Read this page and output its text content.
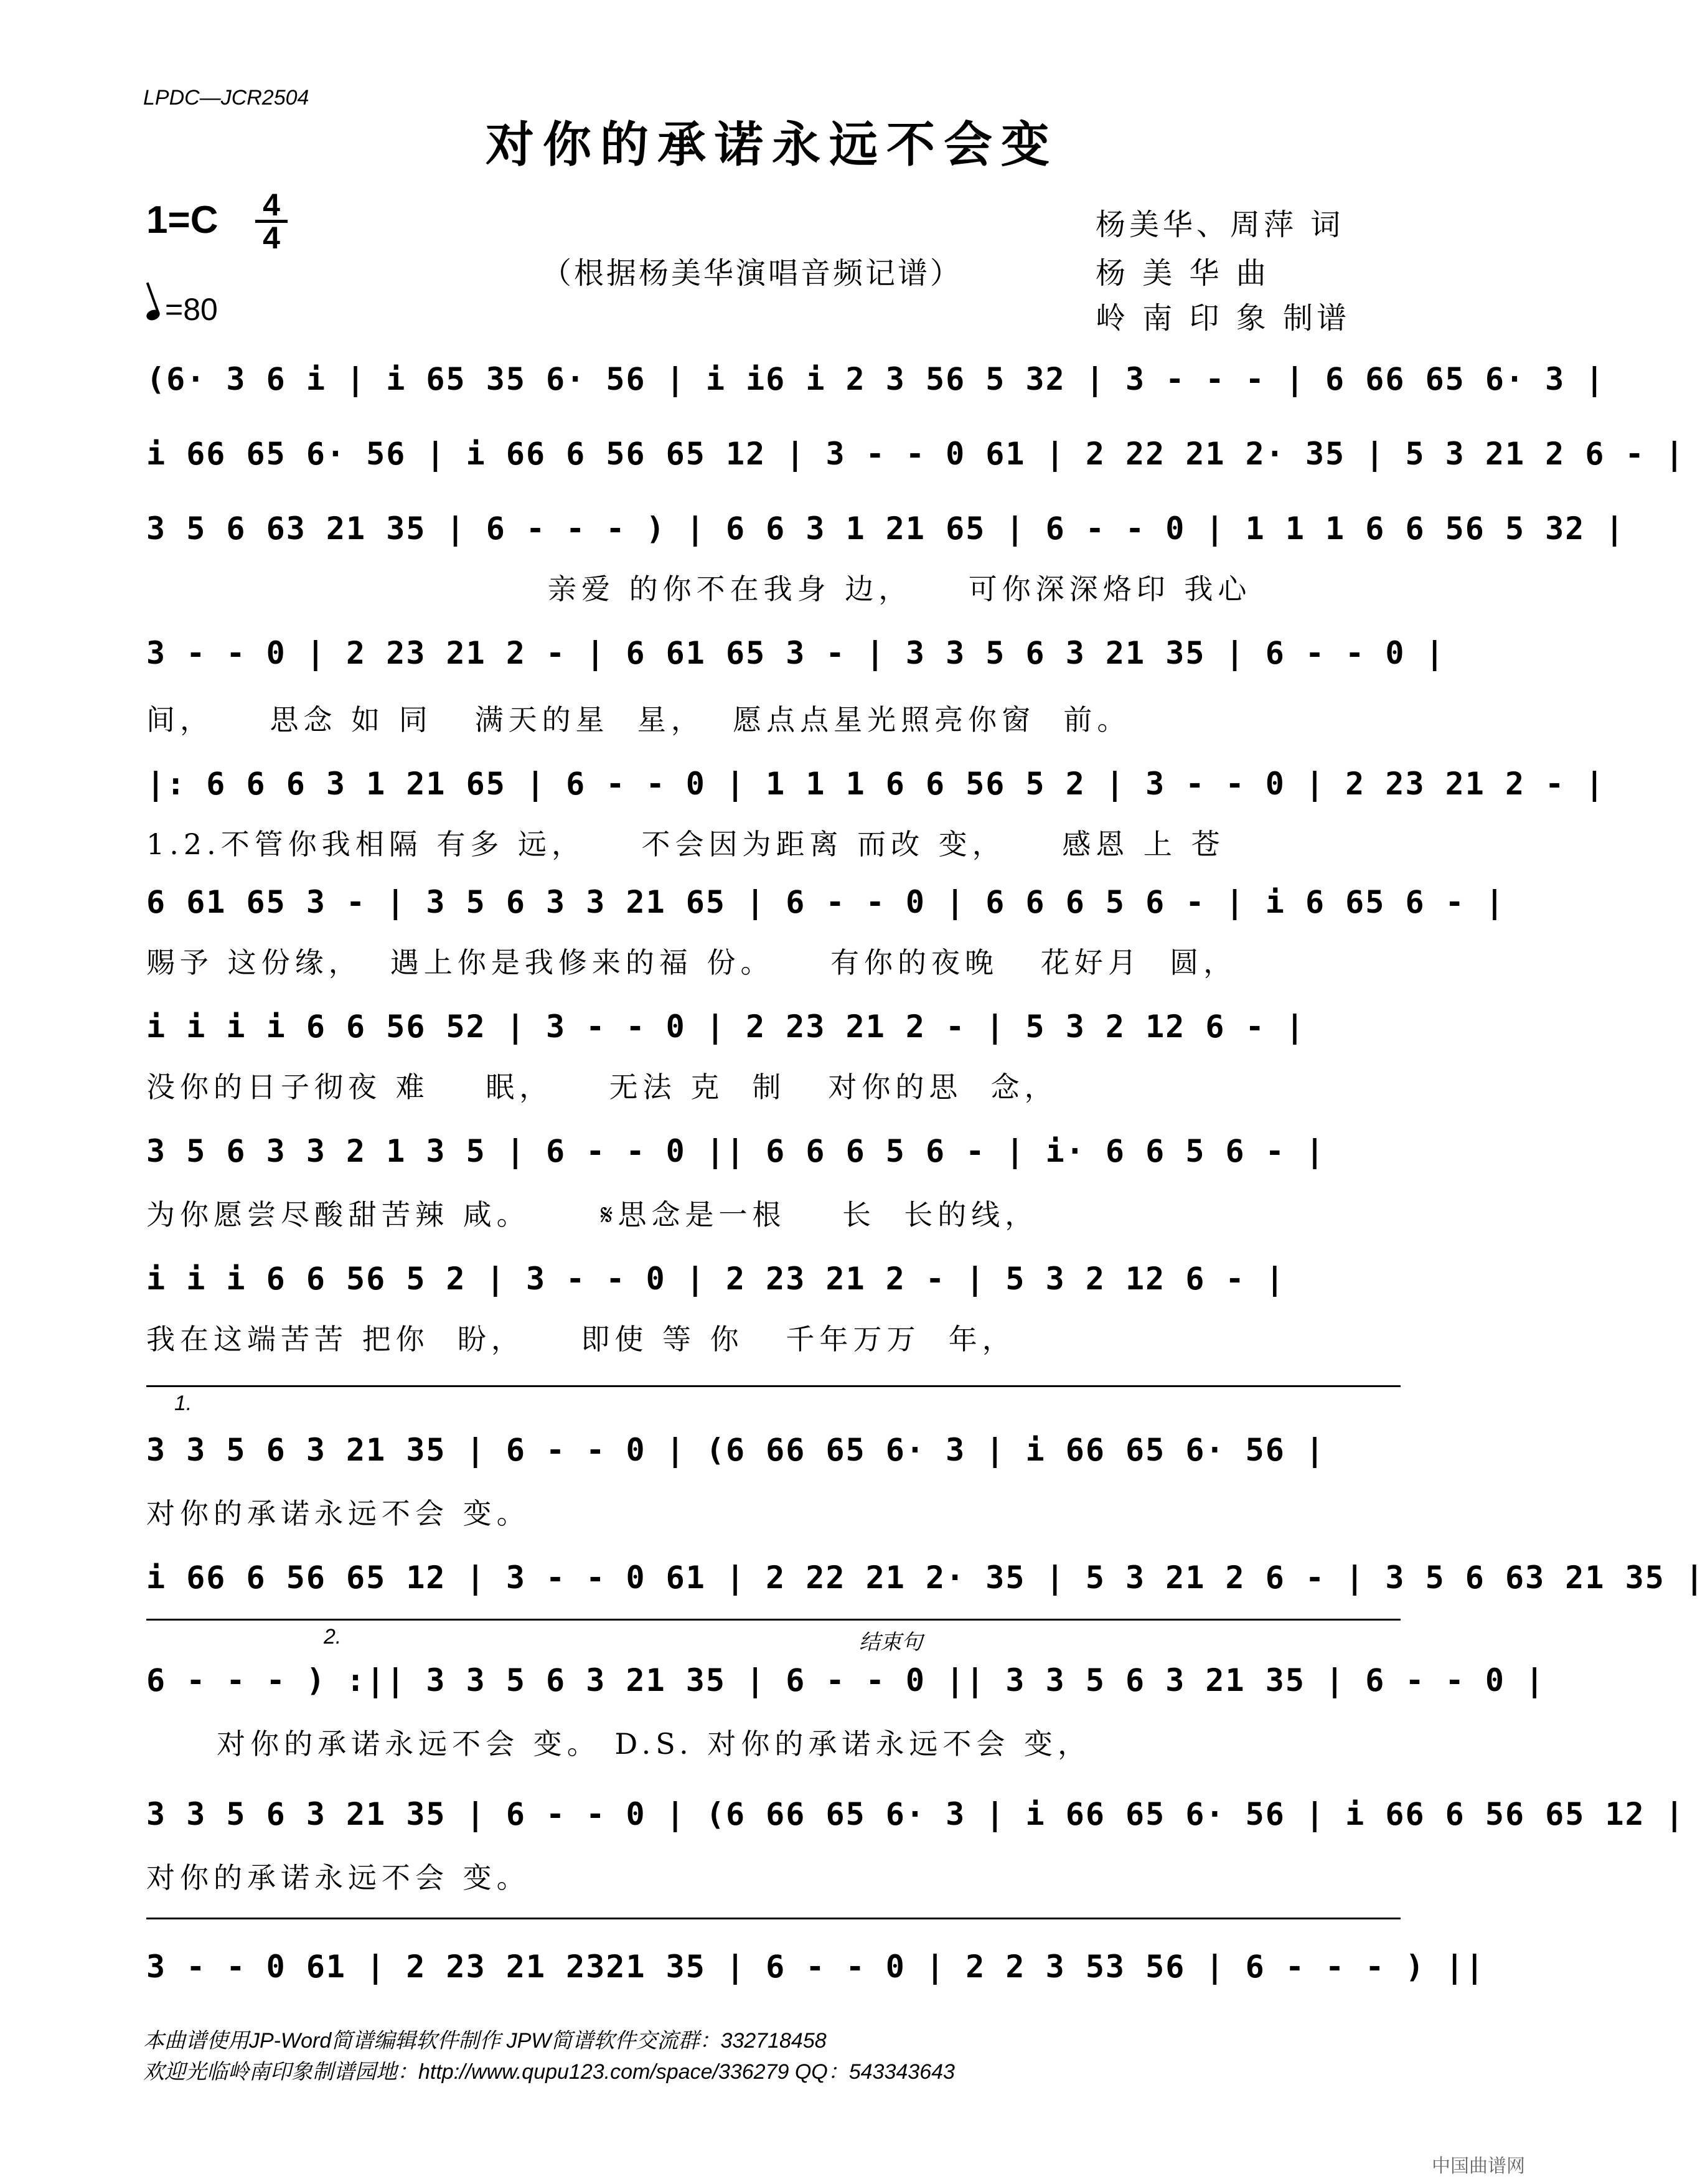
LPDC—JCR2504
对你的承诺永远不会变
1=C 4
4
=80
（根据杨美华演唱音频记谱）
杨美华、周萍 词
杨 美 华 曲
岭 南 印 象 制谱
(6· 3 6 i | i 65 35 6· 56 | i i6 i 2 3 56 5 32 | 3 - - - | 6 66 65 6· 3 |
i 66 65 6· 56 | i 66 6 56 65 12 | 3 - - 0 61 | 2 22 21 2· 35 | 5 3 21 2 6 - |
3 5 6 63 21 35 | 6 - - - ) | 6 6 3 1 21 65 | 6 - - 0 | 1 1 1 6 6 56 5 32 |
亲爱 的你不在我身 边，    可你深深烙印 我心
3 - - 0 | 2 23 21 2 - | 6 61 65 3 - | 3 3 5 6 3 21 35 | 6 - - 0 |
间，    思念 如 同   满天的星  星，  愿点点星光照亮你窗  前。
|: 6 6 6 3 1 21 65 | 6 - - 0 | 1 1 1 6 6 56 5 2 | 3 - - 0 | 2 23 21 2 - |
1.2.不管你我相隔 有多 远，    不会因为距离 而改 变，    感恩 上 苍
6 61 65 3 - | 3 5 6 3 3 21 65 | 6 - - 0 | 6 6 6 5 6 - | i 6 65 6 - |
赐予 这份缘，  遇上你是我修来的福 份。    有你的夜晚   花好月  圆，
i i i i 6 6 56 52 | 3 - - 0 | 2 23 21 2 - | 5 3 2 12 6 - |
没你的日子彻夜 难    眠，    无法 克  制   对你的思  念，
3 5 6 3 3 2 1 3 5 | 6 - - 0 || 6 6 6 5 6 - | i· 6 6 5 6 - |
为你愿尝尽酸甜苦辣 咸。     𝄋思念是一根    长  长的线，
i i i 6 6 56 5 2 | 3 - - 0 | 2 23 21 2 - | 5 3 2 12 6 - |
我在这端苦苦 把你  盼，    即使 等 你   千年万万  年，
1.
3 3 5 6 3 21 35 | 6 - - 0 | (6 66 65 6· 3 | i 66 65 6· 56 |
对你的承诺永远不会 变。
i 66 6 56 65 12 | 3 - - 0 61 | 2 22 21 2· 35 | 5 3 21 2 6 - | 3 5 6 63 21 35 |
2.	结束句
6 - - - ) :|| 3 3 5 6 3 21 35 | 6 - - 0 || 3 3 5 6 3 21 35 | 6 - - 0 |
对你的承诺永远不会 变。 D.S. 对你的承诺永远不会 变，
3 3 5 6 3 21 35 | 6 - - 0 | (6 66 65 6· 3 | i 66 65 6· 56 | i 66 6 56 65 12 |
对你的承诺永远不会 变。
3 - - 0 61 | 2 23 21 2321 35 | 6 - - 0 | 2 2 3 53 56 | 6 - - - ) ||
本曲谱使用JP-Word简谱编辑软件制作 JPW简谱软件交流群：332718458
欢迎光临岭南印象制谱园地：http://www.qupu123.com/space/336279 QQ：543343643
中国曲谱网
